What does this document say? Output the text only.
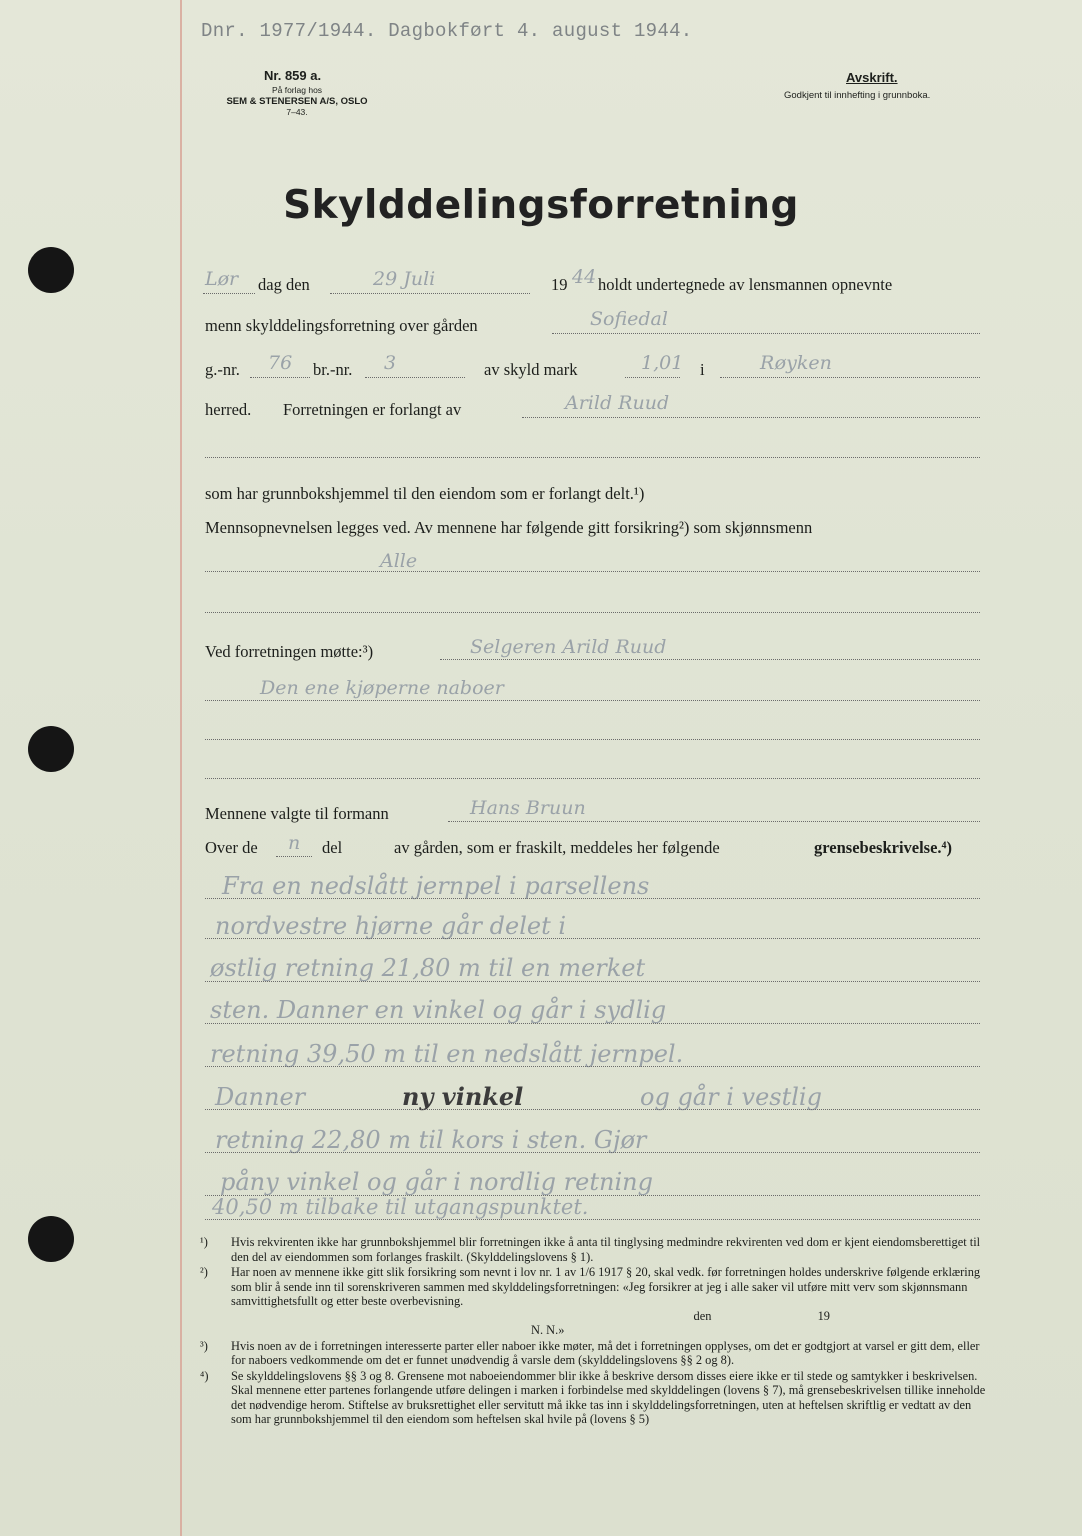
Dnr. 1977/1944. Dagbokført 4. august 1944.
Nr. 859 a.
På forlag hos
SEM & STENERSEN A/S, OSLO
7–43.
Avskrift.
Godkjent til innhefting i grunnboka.
Skylddelingsforretning
Lør dag den	29 Juli	19 44 holdt undertegnede av lensmannen opnevnte
menn skylddelingsforretning over gården	Sofiedal
g.-nr. 76 br.-nr. 3	av skyld mark	1,01 i	Røyken
herred. Forretningen er forlangt av	Arild Ruud
som har grunnbokshjemmel til den eiendom som er forlangt delt.¹)
Mennsopnevnelsen legges ved. Av mennene har følgende gitt forsikring²) som skjønnsmenn
Alle
Ved forretningen møtte:³)	Selgeren Arild Ruud
Den ene kjøperne naboer
Mennene valgte til formann	Hans Bruun
Over de n del	av gården, som er fraskilt, meddeles her følgende	grensebeskrivelse.⁴)
Fra en nedslått jernpel i parsellens
nordvestre hjørne går delet i
østlig retning 21,80 m til en merket
sten. Danner en vinkel og går i sydlig
retning 39,50 m til en nedslått jernpel.
Danner	ny vinkel	og går i vestlig
retning 22,80 m til kors i sten. Gjør
påny vinkel og går i nordlig retning
40,50 m tilbake til utgangspunktet.
¹) Hvis rekvirenten ikke har grunnbokshjemmel blir forretningen ikke å anta til tinglysing medmindre rekvirenten ved dom er kjent eiendomsberettiget til den del av eiendommen som forlanges fraskilt. (Skylddelingslovens § 1).
²) Har noen av mennene ikke gitt slik forsikring som nevnt i lov nr. 1 av 1/6 1917 § 20, skal vedk. før forretningen holdes underskrive følgende erklæring som blir å sende inn til sorenskriveren sammen med skylddelingsforretningen: «Jeg forsikrer at jeg i alle saker vil utføre mitt verv som skjønnsmann samvittighetsfullt og etter beste overbevisning.
den	19
N. N.»
³) Hvis noen av de i forretningen interesserte parter eller naboer ikke møter, må det i forretningen opplyses, om det er godtgjort at varsel er gitt dem, eller for naboers vedkommende om det er funnet unødvendig å varsle dem (skylddelingslovens §§ 2 og 8).
⁴) Se skylddelingslovens §§ 3 og 8. Grensene mot naboeiendommer blir ikke å beskrive dersom disses eiere ikke er til stede og samtykker i beskrivelsen. Skal mennene etter partenes forlangende utføre delingen i marken i forbindelse med skylddelingen (lovens § 7), må grensebeskrivelsen tillike inneholde det nødvendige herom. Stiftelse av bruksrettighet eller servitutt må ikke tas inn i skylddelingsforretningen, uten at heftelsen skriftlig er vedtatt av den som har grunnbokshjemmel til den eiendom som heftelsen skal hvile på (lovens § 5)
